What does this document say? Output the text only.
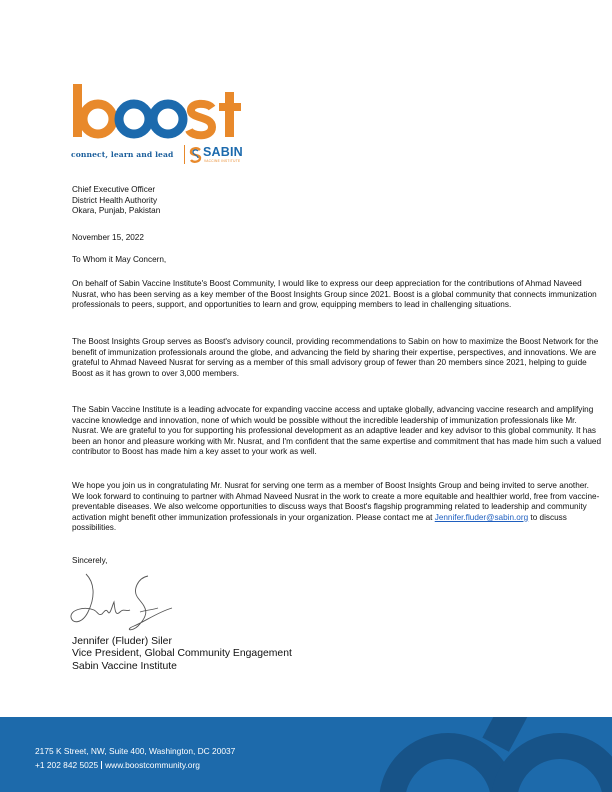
connect, learn and lead SABIN
VACCINE INSTITUTE
Chief Executive Officer
District Health Authority
Okara, Punjab, Pakistan
November 15, 2022
To Whom it May Concern,

On behalf of Sabin Vaccine Institute's Boost Community, I would like to express our deep appreciation for the contributions of Ahmad Naveed Nusrat, who has been serving as a key member of the Boost Insights Group since 2021. Boost is a global community that connects immunization professionals to peers, support, and opportunities to learn and grow, equipping members to lead in challenging situations.

The Boost Insights Group serves as Boost's advisory council, providing recommendations to Sabin on how to maximize the Boost Network for the benefit of immunization professionals around the globe, and advancing the field by sharing their expertise, perspectives, and innovations. We are grateful to Ahmad Naveed Nusrat for serving as a member of this small advisory group of fewer than 20 members since 2021, helping to guide Boost as it has grown to over 3,000 members.

The Sabin Vaccine Institute is a leading advocate for expanding vaccine access and uptake globally, advancing vaccine research and amplifying vaccine knowledge and innovation, none of which would be possible without the incredible leadership of immunization professionals like Mr. Nusrat. We are grateful to you for supporting his professional development as an adaptive leader and key advisor to this global community. It has been an honor and pleasure working with Mr. Nusrat, and I'm confident that the same expertise and commitment that has made him such a valued contributor to Boost has made him a key asset to your work as well.

We hope you join us in congratulating Mr. Nusrat for serving one term as a member of Boost Insights Group and being invited to serve another. We look forward to continuing to partner with Ahmad Naveed Nusrat in the work to create a more equitable and healthier world, free from vaccine-preventable diseases. We also welcome opportunities to discuss ways that Boost's flagship programming related to leadership and community activation might benefit other immunization professionals in your organization. Please contact me at Jennifer.fluder@sabin.org to discuss possibilities.

Sincerely,
Jennifer (Fluder) Siler
Vice President, Global Community Engagement
Sabin Vaccine Institute
2175 K Street, NW, Suite 400, Washington, DC 20037
+1 202 842 5025 www.boostcommunity.org
